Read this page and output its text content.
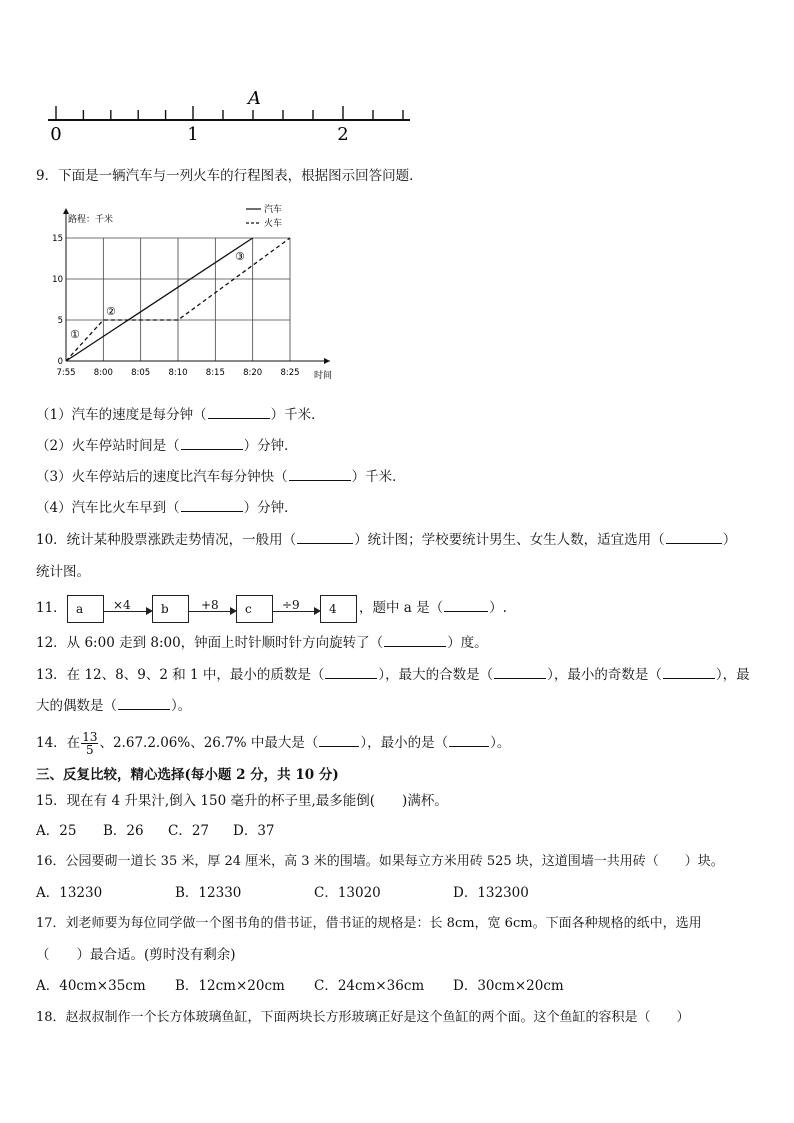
A
0	1	2
9．下面是一辆汽车与一列火车的行程图表，根据图示回答问题．
0
5
10
15
7:55 8:00 8:05 8:10 8:15 8:20 8:25
路程：千米
时间
汽车
火车
①
②
③
（1）汽车的速度是每分钟（	）千米．
（2）火车停站时间是（	）分钟．
（3）火车停站后的速度比汽车每分钟快（	）千米．
（4）汽车比火车早到（	）分钟．
10．统计某种股票涨跌走势情况，一般用（	）统计图；学校要统计男生、女生人数，适宜选用（	）
统计图。
11． a	×4	b	+8	c	÷9	4	，题中 a 是（	）.
12．从 6:00 走到 8:00，钟面上时针顺时针方向旋转了（	）度。
13．在 12、8、9、2 和 1 中，最小的质数是（	），最大的合数是（	），最小的奇数是（	），最
大的偶数是（	）。
14．在 $\frac{13}{5}$ 、2.67.2.06%、26.7% 中最大是（	），最小的是（	）。
三、反复比较，精心选择(每小题 2 分，共 10 分)
15．现在有 4 升果汁,倒入 150 毫升的杯子里,最多能倒(　　)满杯。
A．25 B．26 C．27 D．37
16．公园要砌一道长 35 米，厚 24 厘米，高 3 米的围墙。如果每立方米用砖 525 块，这道围墙一共用砖（　　）块。
A．13230	B．12330	C．13020	D．132300
17．刘老师要为每位同学做一个图书角的借书证，借书证的规格是：长 8cm，宽 6cm。下面各种规格的纸中，选用
（　　）最合适。(剪时没有剩余)
A．40cm×35cm B．12cm×20cm C．24cm×36cm D．30cm×20cm
18．赵叔叔制作一个长方体玻璃鱼缸，下面两块长方形玻璃正好是这个鱼缸的两个面。这个鱼缸的容积是（　　）
